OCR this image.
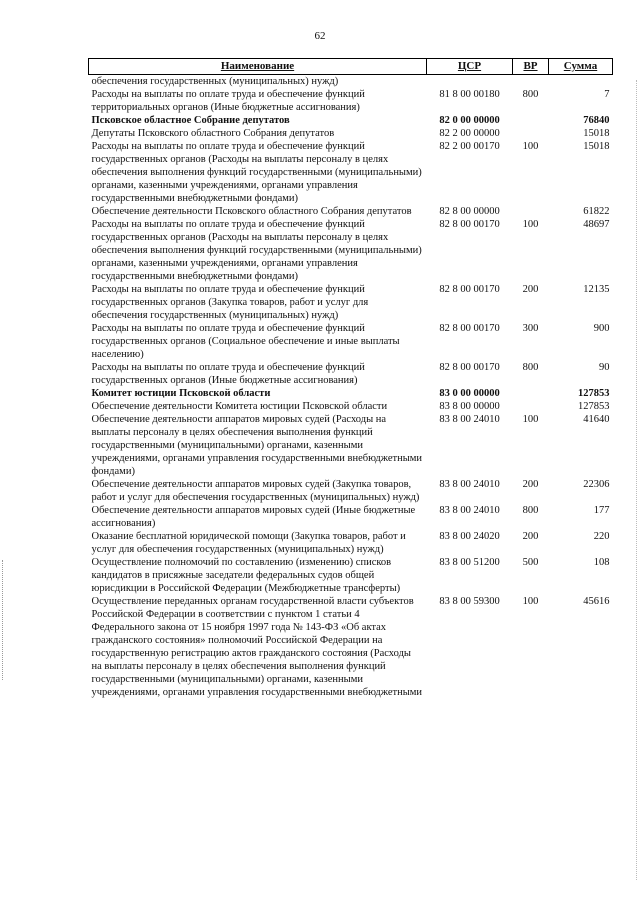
62
Наименование	ЦСР	ВР	Сумма
обеспечения государственных (муниципальных) нужд)			
Расходы на выплаты по оплате труда и обеспечение функций территориальных органов (Иные бюджетные ассигнования)	81 8 00 00180	800	7
Псковское областное Собрание депутатов	82 0 00 00000		76840
Депутаты Псковского областного Собрания депутатов	82 2 00 00000		15018
Расходы на выплаты по оплате труда и обеспечение функций государственных органов (Расходы на выплаты персоналу в целях обеспечения выполнения функций государственными (муниципальными) органами, казенными учреждениями, органами управления государственными внебюджетными фондами)	82 2 00 00170	100	15018
Обеспечение деятельности Псковского областного Собрания депутатов	82 8 00 00000		61822
Расходы на выплаты по оплате труда и обеспечение функций государственных органов (Расходы на выплаты персоналу в целях обеспечения выполнения функций государственными (муниципальными) органами, казенными учреждениями, органами управления государственными внебюджетными фондами)	82 8 00 00170	100	48697
Расходы на выплаты по оплате труда и обеспечение функций государственных органов (Закупка товаров, работ и услуг для обеспечения государственных (муниципальных) нужд)	82 8 00 00170	200	12135
Расходы на выплаты по оплате труда и обеспечение функций государственных органов (Социальное обеспечение и иные выплаты населению)	82 8 00 00170	300	900
Расходы на выплаты по оплате труда и обеспечение функций государственных органов (Иные бюджетные ассигнования)	82 8 00 00170	800	90
Комитет юстиции Псковской области	83 0 00 00000		127853
Обеспечение деятельности Комитета юстиции Псковской области	83 8 00 00000		127853
Обеспечение деятельности аппаратов мировых судей (Расходы на выплаты персоналу в целях обеспечения выполнения функций государственными (муниципальными) органами, казенными учреждениями, органами управления государственными внебюджетными фондами)	83 8 00 24010	100	41640
Обеспечение деятельности аппаратов мировых судей (Закупка товаров, работ и услуг для обеспечения государственных (муниципальных) нужд)	83 8 00 24010	200	22306
Обеспечение деятельности аппаратов мировых судей (Иные бюджетные ассигнования)	83 8 00 24010	800	177
Оказание бесплатной юридической помощи (Закупка товаров, работ и услуг для обеспечения государственных (муниципальных) нужд)	83 8 00 24020	200	220
Осуществление полномочий по составлению (изменению) списков кандидатов в присяжные заседатели федеральных судов общей юрисдикции в Российской Федерации (Межбюджетные трансферты)	83 8 00 51200	500	108
Осуществление переданных органам государственной власти субъектов Российской Федерации в соответствии с пунктом 1 статьи 4 Федерального закона от 15 ноября 1997 года № 143-ФЗ «Об актах гражданского состояния» полномочий Российской Федерации на государственную регистрацию актов гражданского состояния (Расходы на выплаты персоналу в целях обеспечения выполнения функций государственными (муниципальными) органами, казенными учреждениями, органами управления государственными внебюджетными	83 8 00 59300	100	45616
